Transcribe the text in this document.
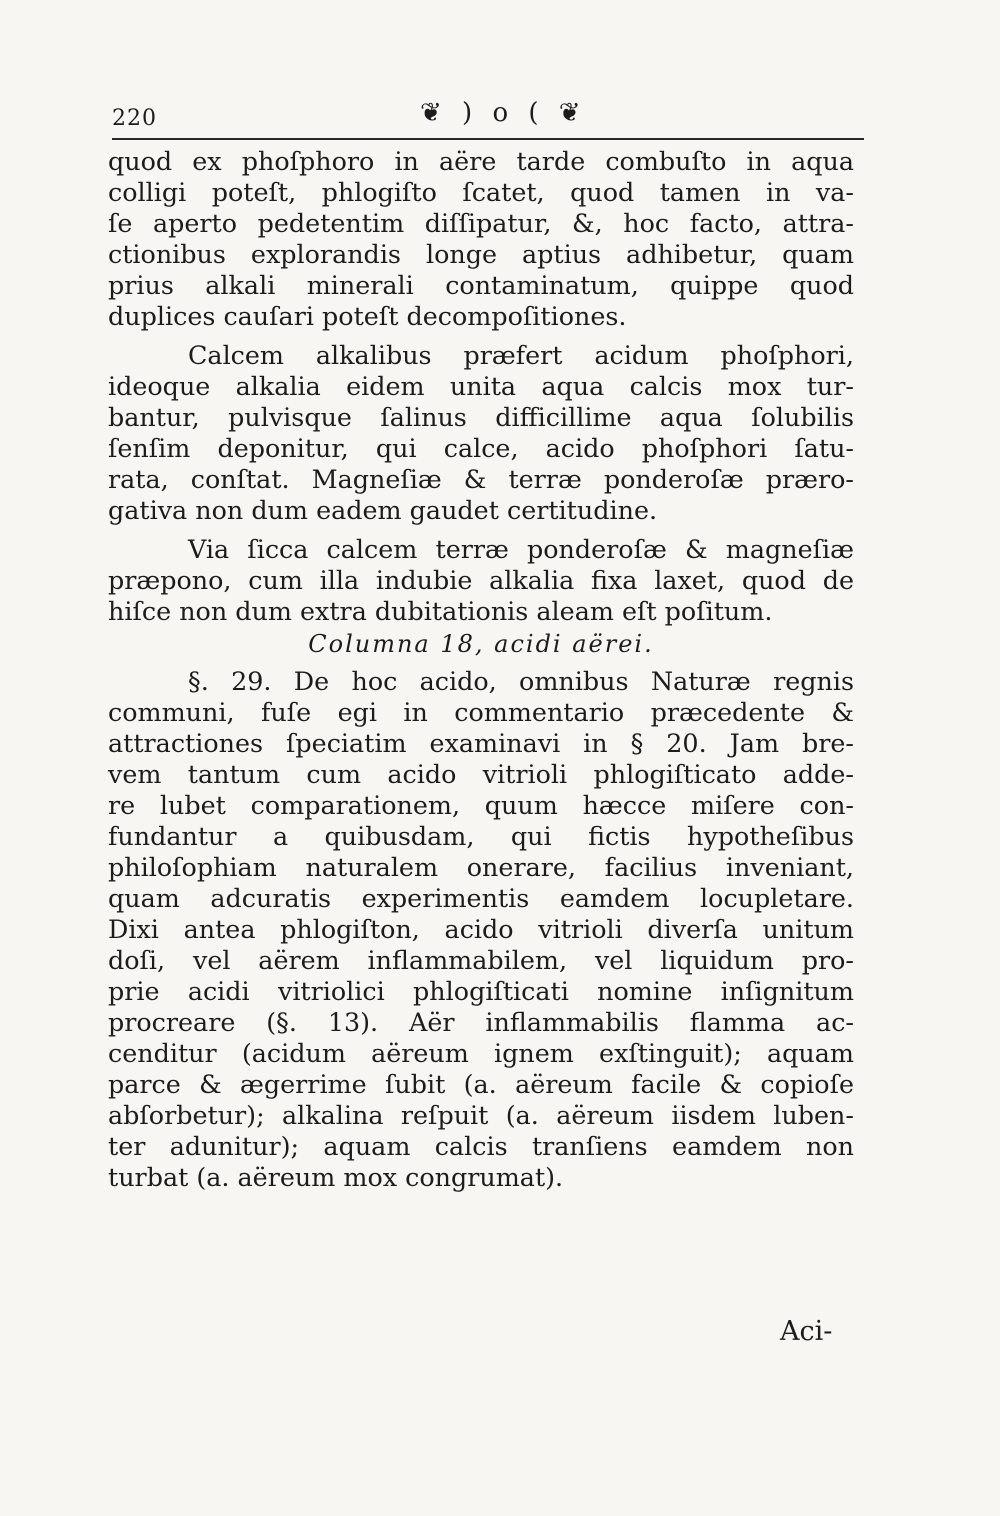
220	❦ ) o ( ❦
quod ex phoſphoro in aëre tarde combuſto in aqua
colligi poteſt, phlogiſto ſcatet, quod tamen in va-
ſe aperto pedetentim diſſipatur, &, hoc facto, attra-
ctionibus explorandis longe aptius adhibetur, quam
prius alkali minerali contaminatum, quippe quod
duplices cauſari poteſt decompoſitiones.
Calcem alkalibus præfert acidum phoſphori,
ideoque alkalia eidem unita aqua calcis mox tur-
bantur, pulvisque ſalinus difficillime aqua ſolubilis
ſenſim deponitur, qui calce, acido phoſphori ſatu-
rata, conſtat. Magneſiæ & terræ ponderoſæ præro-
gativa non dum eadem gaudet certitudine.
Via ſicca calcem terræ ponderoſæ & magneſiæ
præpono, cum illa indubie alkalia fixa laxet, quod de
hiſce non dum extra dubitationis aleam eſt poſitum.
Columna 18, acidi aërei.
§. 29. De hoc acido, omnibus Naturæ regnis
communi, fuſe egi in commentario præcedente &
attractiones ſpeciatim examinavi in § 20. Jam bre-
vem tantum cum acido vitrioli phlogiſticato adde-
re lubet comparationem, quum hæcce miſere con-
fundantur a quibusdam, qui fictis hypotheſibus
philoſophiam naturalem onerare, facilius inveniant,
quam adcuratis experimentis eamdem locupletare.
Dixi antea phlogiſton, acido vitrioli diverſa unitum
doſi, vel aërem inflammabilem, vel liquidum pro-
prie acidi vitriolici phlogiſticati nomine inſignitum
procreare (§. 13). Aër inflammabilis flamma ac-
cenditur (acidum aëreum ignem exſtinguit); aquam
parce & ægerrime ſubit (a. aëreum facile & copioſe
abſorbetur); alkalina reſpuit (a. aëreum iisdem luben-
ter adunitur); aquam calcis tranſiens eamdem non
turbat (a. aëreum mox congrumat).
Aci-
